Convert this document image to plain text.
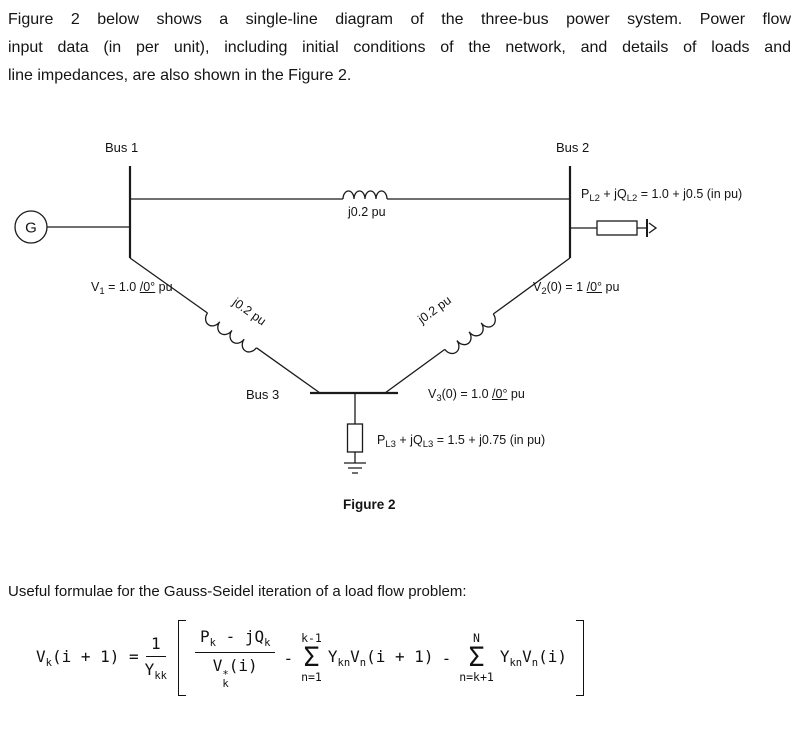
Figure 2 below shows a single-line diagram of the three-bus power system. Power flow
input data (in per unit), including initial conditions of the network, and details of loads and
line impedances, are also shown in the Figure 2.
G
j0.2 pu	j0.2 pu
Bus 1	Bus 2
$P_{L2} + jQ_{L2} = 1.0 + j0.5$ (in pu)
j0.2 pu
$V_1 = 1.0$ /0° pu	$V_2(0) = 1$ /0° pu
Bus 3	$V_3(0) = 1.0$ /0° pu
$P_{L3} + jQ_{L3} = 1.5 + j0.75$ (in pu)
Figure 2

Useful formulae for the Gauss-Seidel iteration of a load flow problem:

$V_k(i + 1) = \frac{1}{Y_{kk}} P_k - jQ_k$
V *
k
(i) -
k-1
Σ
n=1
$Y_{kn}V_n(i + 1)$ -
N
Σ
n=k+1
$Y_{kn}V_n(i)$
